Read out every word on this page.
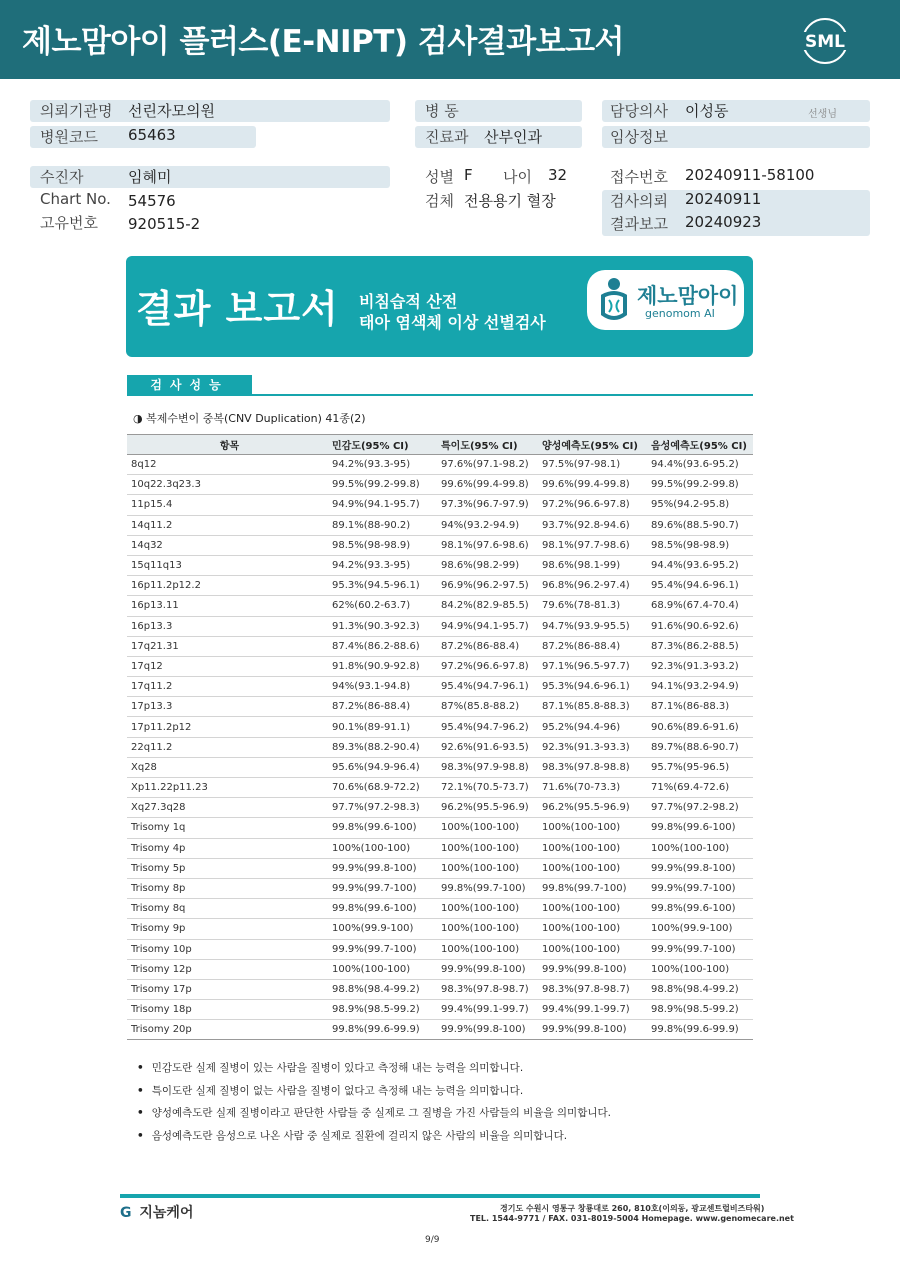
제노맘아이 플러스(E-NIPT) 검사결과보고서	SML
의뢰기관명 선린자모의원
병원코드 65463
병 동
진료과 산부인과
담당의사 이성동	선생님
임상정보
수진자	임혜미
Chart No. 54576
고유번호 920515-2
성별 F 나이 32
검체 전용용기 혈장
접수번호 20240911-58100
검사의뢰 20240911
결과보고 20240923
결과 보고서 비침습적 산전
태아 염색체 이상 선별검사
제노맘아이
genomom AI
검사성능
◑ 복제수변이 중복(CNV Duplication) 41종(2)
항목	민감도(95% CI)	특이도(95% CI)	양성예측도(95% CI)	음성예측도(95% CI)
8q12	94.2%(93.3-95)	97.6%(97.1-98.2)	97.5%(97-98.1)	94.4%(93.6-95.2)
10q22.3q23.3	99.5%(99.2-99.8)	99.6%(99.4-99.8)	99.6%(99.4-99.8)	99.5%(99.2-99.8)
11p15.4	94.9%(94.1-95.7)	97.3%(96.7-97.9)	97.2%(96.6-97.8)	95%(94.2-95.8)
14q11.2	89.1%(88-90.2)	94%(93.2-94.9)	93.7%(92.8-94.6)	89.6%(88.5-90.7)
14q32	98.5%(98-98.9)	98.1%(97.6-98.6)	98.1%(97.7-98.6)	98.5%(98-98.9)
15q11q13	94.2%(93.3-95)	98.6%(98.2-99)	98.6%(98.1-99)	94.4%(93.6-95.2)
16p11.2p12.2	95.3%(94.5-96.1)	96.9%(96.2-97.5)	96.8%(96.2-97.4)	95.4%(94.6-96.1)
16p13.11	62%(60.2-63.7)	84.2%(82.9-85.5)	79.6%(78-81.3)	68.9%(67.4-70.4)
16p13.3	91.3%(90.3-92.3)	94.9%(94.1-95.7)	94.7%(93.9-95.5)	91.6%(90.6-92.6)
17q21.31	87.4%(86.2-88.6)	87.2%(86-88.4)	87.2%(86-88.4)	87.3%(86.2-88.5)
17q12	91.8%(90.9-92.8)	97.2%(96.6-97.8)	97.1%(96.5-97.7)	92.3%(91.3-93.2)
17q11.2	94%(93.1-94.8)	95.4%(94.7-96.1)	95.3%(94.6-96.1)	94.1%(93.2-94.9)
17p13.3	87.2%(86-88.4)	87%(85.8-88.2)	87.1%(85.8-88.3)	87.1%(86-88.3)
17p11.2p12	90.1%(89-91.1)	95.4%(94.7-96.2)	95.2%(94.4-96)	90.6%(89.6-91.6)
22q11.2	89.3%(88.2-90.4)	92.6%(91.6-93.5)	92.3%(91.3-93.3)	89.7%(88.6-90.7)
Xq28	95.6%(94.9-96.4)	98.3%(97.9-98.8)	98.3%(97.8-98.8)	95.7%(95-96.5)
Xp11.22p11.23	70.6%(68.9-72.2)	72.1%(70.5-73.7)	71.6%(70-73.3)	71%(69.4-72.6)
Xq27.3q28	97.7%(97.2-98.3)	96.2%(95.5-96.9)	96.2%(95.5-96.9)	97.7%(97.2-98.2)
Trisomy 1q	99.8%(99.6-100)	100%(100-100)	100%(100-100)	99.8%(99.6-100)
Trisomy 4p	100%(100-100)	100%(100-100)	100%(100-100)	100%(100-100)
Trisomy 5p	99.9%(99.8-100)	100%(100-100)	100%(100-100)	99.9%(99.8-100)
Trisomy 8p	99.9%(99.7-100)	99.8%(99.7-100)	99.8%(99.7-100)	99.9%(99.7-100)
Trisomy 8q	99.8%(99.6-100)	100%(100-100)	100%(100-100)	99.8%(99.6-100)
Trisomy 9p	100%(99.9-100)	100%(100-100)	100%(100-100)	100%(99.9-100)
Trisomy 10p	99.9%(99.7-100)	100%(100-100)	100%(100-100)	99.9%(99.7-100)
Trisomy 12p	100%(100-100)	99.9%(99.8-100)	99.9%(99.8-100)	100%(100-100)
Trisomy 17p	98.8%(98.4-99.2)	98.3%(97.8-98.7)	98.3%(97.8-98.7)	98.8%(98.4-99.2)
Trisomy 18p	98.9%(98.5-99.2)	99.4%(99.1-99.7)	99.4%(99.1-99.7)	98.9%(98.5-99.2)
Trisomy 20p	99.8%(99.6-99.9)	99.9%(99.8-100)	99.9%(99.8-100)	99.8%(99.6-99.9)
• 민감도란 실제 질병이 있는 사람을 질병이 있다고 측정해 내는 능력을 의미합니다.
• 특이도란 실제 질병이 없는 사람을 질병이 없다고 측정해 내는 능력을 의미합니다.
• 양성예측도란 실제 질병이라고 판단한 사람들 중 실제로 그 질병을 가진 사람들의 비율을 의미합니다.
• 음성예측도란 음성으로 나온 사람 중 실제로 질환에 걸리지 않은 사람의 비율을 의미합니다.
G 지놈케어	경기도 수원시 영통구 창룡대로 260, 810호(이의동, 광교센트럴비즈타워)
TEL. 1544-9771 / FAX. 031-8019-5004 Homepage. www.genomecare.net
9/9
